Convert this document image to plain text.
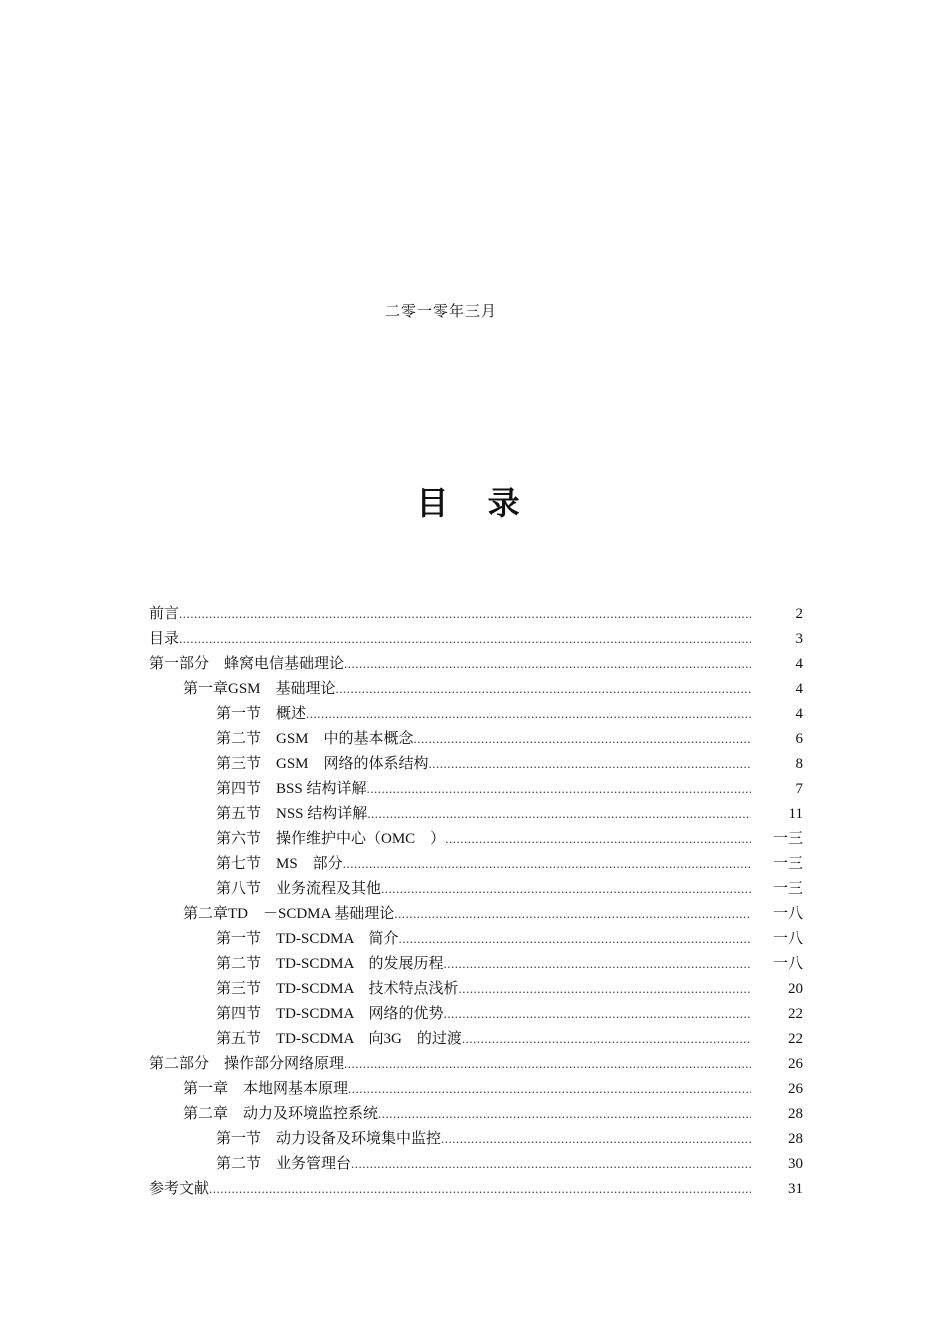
二零一零年三月
目 录
前言 .....	2
目录 .....	3
第一部分　蜂窝电信基础理论 .....	4
第一章GSM　基础理论 .....	4
第一节　概述 .....	4
第二节　GSM　中的基本概念 .....	6
第三节　GSM　网络的体系结构 .....	8
第四节　BSS 结构详解 .....	7
第五节　NSS 结构详解 .....	11
第六节　操作维护中心（OMC　） .....	一三
第七节　MS　部分 .....	一三
第八节　业务流程及其他 .....	一三
第二章TD　－SCDMA 基础理论 .....	一八
第一节　TD-SCDMA　简介 .....	一八
第二节　TD-SCDMA　的发展历程 .....	一八
第三节　TD-SCDMA　技术特点浅析 .....	20
第四节　TD-SCDMA　网络的优势 .....	22
第五节　TD-SCDMA　向3G　的过渡 .....	22
第二部分　操作部分网络原理 .....	26
第一章　本地网基本原理 .....	26
第二章　动力及环境监控系统 .....	28
第一节　动力设备及环境集中监控 .....	28
第二节　业务管理台 .....	30
参考文献 .....	31
